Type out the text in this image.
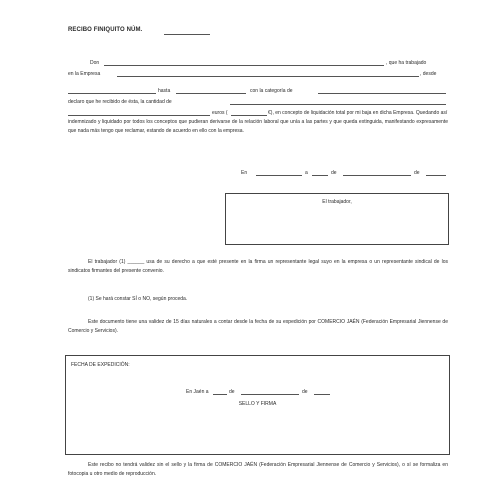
RECIBO FINIQUITO NÚM.
Don	, que ha trabajado
en la Empresa	, desde
hasta	con la categoría de
declaro que he recibido de ésta, la cantidad de
euros (	€), en concepto de liquidación total por mi baja en dicha Empresa. Quedando así
indemnizado y liquidado por todos los conceptos que pudieran derivarse de la relación laboral que unía a las partes y que queda extinguida, manifestando expresamente que nada más tengo que reclamar, estando de acuerdo en ello con la empresa.
En	a	de	de
El trabajador,
El trabajador (1) ______ usa de su derecho a que esté presente en la firma un representante legal suyo en la empresa o un representante sindical de los sindicatos firmantes del presente convenio.
(1) Se hará constar SÍ o NO, según proceda.
Este documento tiene una validez de 15 días naturales a contar desde la fecha de su expedición por COMERCIO JAÉN (Federación Empresarial Jiennense de Comercio y Servicios).
FECHA DE EXPEDICIÓN:
En Jaén a	de	de
SELLO Y FIRMA
Este recibo no tendrá validez sin el sello y la firma de COMERCIO JAÉN (Federación Empresarial Jiennense de Comercio y Servicios), o sí se formaliza en fotocopia u otro medio de reproducción.
